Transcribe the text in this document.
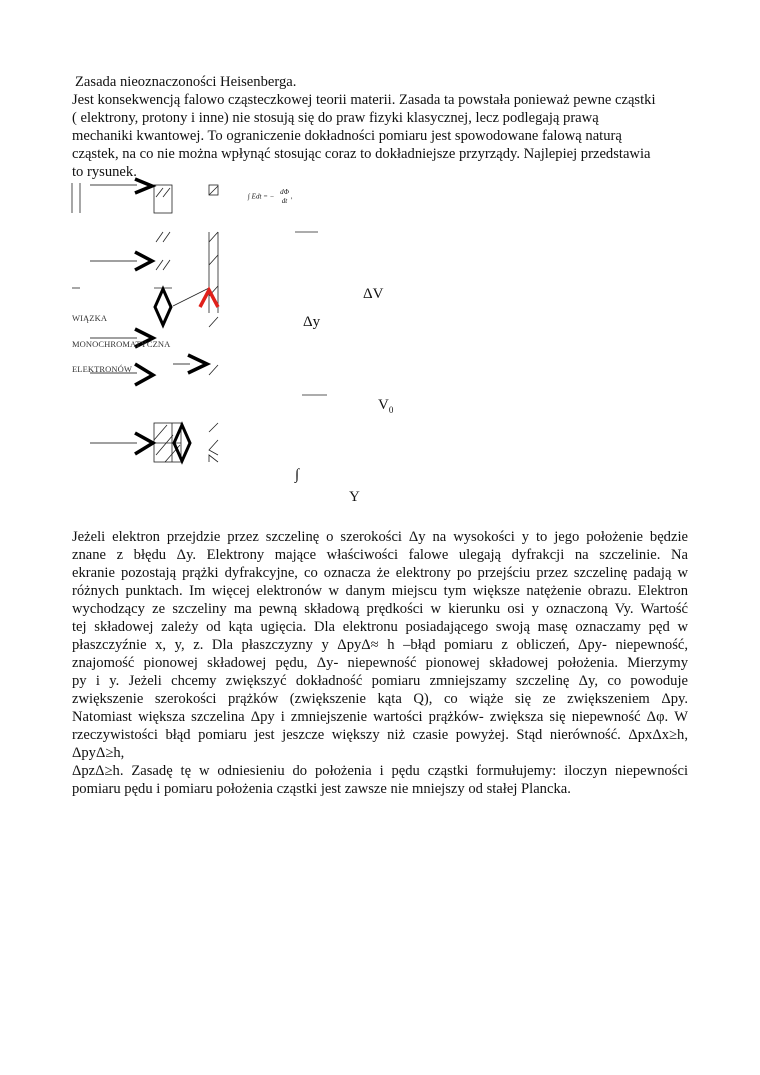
Zasada nieoznaczoności Heisenberga.
Jest konsekwencją falowo cząsteczkowej teorii materii. Zasada ta powstała ponieważ pewne cząstki
( elektrony, protony i inne) nie stosują się do praw fizyki klasycznej, lecz podlegają prawą
mechaniki kwantowej. To ograniczenie dokładności pomiaru jest spowodowane falową naturą
cząstek, na co nie można wpłynąć stosując coraz to dokładniejsze przyrządy. Najlepiej przedstawia
to rysunek.
∫ Edt = − dΦ
dt ,
ΔV
Δy
$V_0$
∫
Y
WIĄZKA
MONOCHROMATYCZNA
ELEKTRONÓW
Jeżeli elektron przejdzie przez szczelinę o szerokości Δy na wysokości y to jego położenie będzie
znane z błędu Δy. Elektrony mające właściwości falowe ulegają dyfrakcji na szczelinie. Na
ekranie pozostają prążki dyfrakcyjne, co oznacza że elektrony po przejściu przez szczelinę padają w
różnych punktach. Im więcej elektronów w danym miejscu tym większe natężenie obrazu. Elektron
wychodzący ze szczeliny ma pewną składową prędkości w kierunku osi y oznaczoną Vy. Wartość
tej składowej zależy od kąta ugięcia. Dla elektronu posiadającego swoją masę oznaczamy pęd w
płaszczyźnie x, y, z. Dla płaszczyzny y ΔpyΔ≈ h –błąd pomiaru z obliczeń, Δpy- niepewność,
znajomość pionowej składowej pędu, Δy- niepewność pionowej składowej położenia. Mierzymy
py i y. Jeżeli chcemy zwiększyć dokładność pomiaru zmniejszamy szczelinę Δy, co powoduje
zwiększenie szerokości prążków (zwiększenie kąta Q), co wiąże się ze zwiększeniem Δpy.
Natomiast większa szczelina Δpy i zmniejszenie wartości prążków- zwiększa się niepewność Δφ. W
rzeczywistości błąd pomiaru jest jeszcze większy niż czasie powyżej. Stąd nierówność. ΔpxΔx≥h,
ΔpyΔ≥h,
ΔpzΔ≥h. Zasadę tę w odniesieniu do położenia i pędu cząstki formułujemy: iloczyn niepewności
pomiaru pędu i pomiaru położenia cząstki jest zawsze nie mniejszy od stałej Plancka.
